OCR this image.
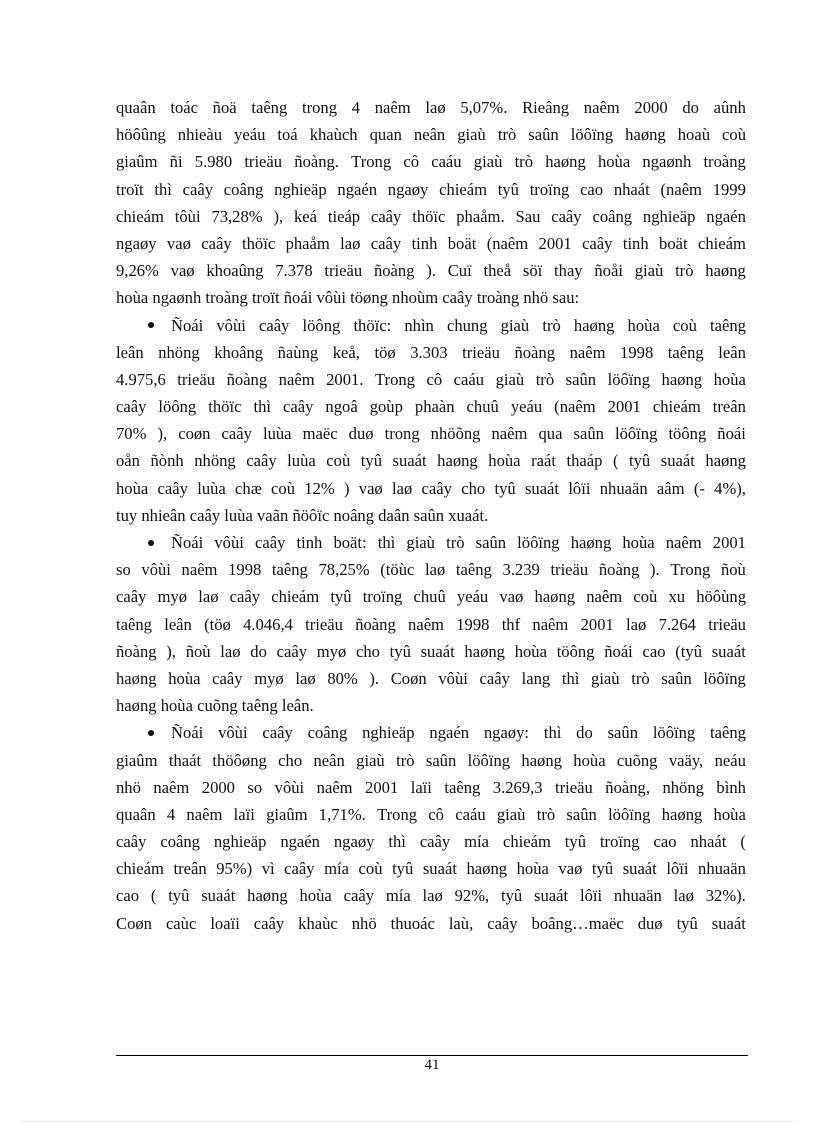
quaân toác ñoä taêng trong 4 naêm laø 5,07%. Rieâng naêm 2000 do aûnh
höôûng nhieàu yeáu toá khaùch quan neân giaù trò saûn löôïng haøng hoaù coù
giaûm ñi 5.980 trieäu ñoàng. Trong cô caáu giaù trò haøng hoùa ngaønh troàng
troït thì caây coâng nghieäp ngaén ngaøy chieám tyû troïng cao nhaát (naêm 1999
chieám tôùi 73,28% ), keá tieáp caây thöïc phaåm. Sau caây coâng nghieäp ngaén
ngaøy vaø caây thöïc phaåm laø caây tinh boät (naêm 2001 caây tinh boät chieám
9,26% vaø khoaûng 7.378 trieäu ñoàng ). Cuï theå söï thay ñoåi giaù trò haøng
hoùa ngaønh troàng troït ñoái vôùi töøng nhoùm caây troàng nhö sau:
Ñoái vôùi caây löông thöïc: nhìn chung giaù trò haøng hoùa coù taêng
leân nhöng khoâng ñaùng keå, töø 3.303 trieäu ñoàng naêm 1998 taêng leân
4.975,6 trieäu ñoàng naêm 2001. Trong cô caáu giaù trò saûn löôïng haøng hoùa
caây löông thöïc thì caây ngoâ goùp phaàn chuû yeáu (naêm 2001 chieám treân
70% ), coøn caây luùa maëc duø trong nhöõng naêm qua saûn löôïng töông ñoái
oån ñònh nhöng caây luùa coù tyû suaát haøng hoùa raát thaáp ( tyû suaát haøng
hoùa caây luùa chæ coù 12% ) vaø laø caây cho tyû suaát lôïi nhuaän aâm (- 4%),
tuy nhieân caây luùa vaãn ñöôïc noâng daân saûn xuaát.
Ñoái vôùi caây tinh boät: thì giaù trò saûn löôïng haøng hoùa naêm 2001
so vôùi naêm 1998 taêng 78,25% (töùc laø taêng 3.239 trieäu ñoàng ). Trong ñoù
caây myø laø caây chieám tyû troïng chuû yeáu vaø haøng naêm coù xu höôùng
taêng leân (töø 4.046,4 trieäu ñoàng naêm 1998 thf naêm 2001 laø 7.264 trieäu
ñoàng ), ñoù laø do caây myø cho tyû suaát haøng hoùa töông ñoái cao (tyû suaát
haøng hoùa caây myø laø 80% ). Coøn vôùi caây lang thì giaù trò saûn löôïng
haøng hoùa cuõng taêng leân.
Ñoái vôùi caây coâng nghieäp ngaén ngaøy: thì do saûn löôïng taêng
giaûm thaát thöôøng cho neân giaù trò saûn löôïng haøng hoùa cuõng vaäy, neáu
nhö naêm 2000 so vôùi naêm 2001 laïi taêng 3.269,3 trieäu ñoàng, nhöng bình
quaân 4 naêm laïi giaûm 1,71%. Trong cô caáu giaù trò saûn löôïng haøng hoùa
caây coâng nghieäp ngaén ngaøy thì caây mía chieám tyû troïng cao nhaát (
chieám treân 95%) vì caây mía coù tyû suaát haøng hoùa vaø tyû suaát lôïi nhuaän
cao ( tyû suaát haøng hoùa caây mía laø 92%, tyû suaát lôïi nhuaän laø 32%).
Coøn caùc loaïi caây khaùc nhö thuoác laù, caây boâng…maëc duø tyû suaát
41
